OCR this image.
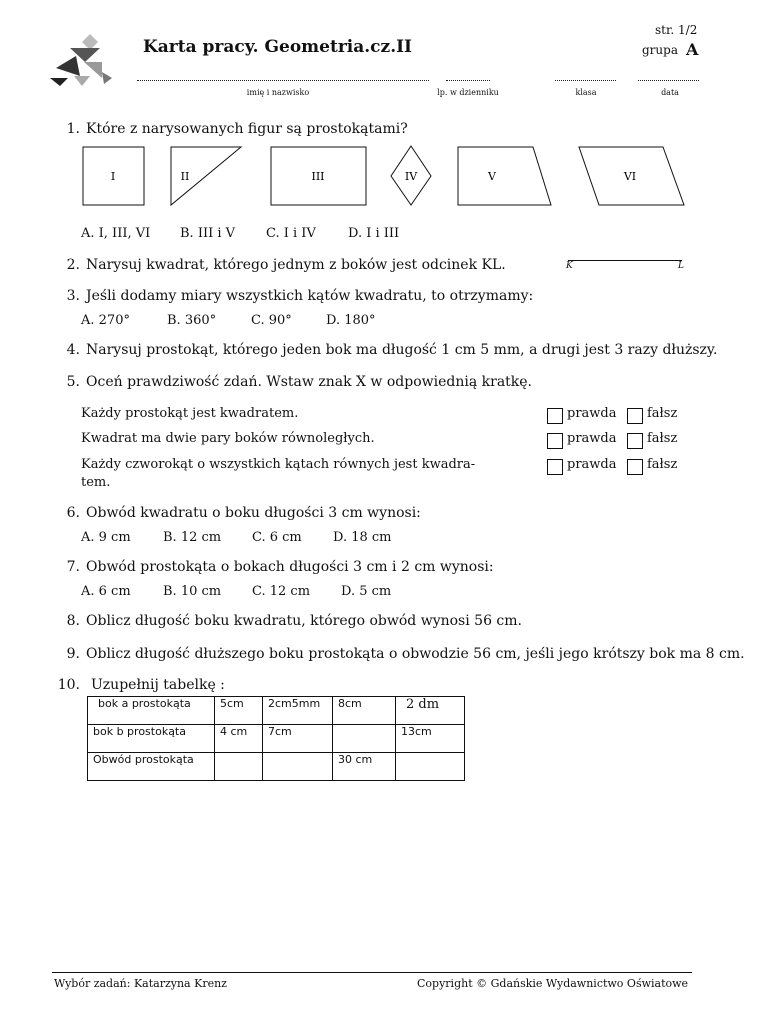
Karta pracy. Geometria.cz.II
str. 1/2
grupa A
imię i nazwisko	lp. w dzienniku	klasa	data
1. Które z narysowanych figur są prostokątami?
I	II	III	IV	V	VI
A. I, III, VI B. III i V C. I i IV D. I i III
2. Narysuj kwadrat, którego jednym z boków jest odcinek KL.	K	L
3. Jeśli dodamy miary wszystkich kątów kwadratu, to otrzymamy:
A. 270°	B. 360°	C. 90°	D. 180°
4. Narysuj prostokąt, którego jeden bok ma długość 1 cm 5 mm, a drugi jest 3 razy dłuższy.
5. Oceń prawdziwość zdań. Wstaw znak X w odpowiednią kratkę.
Każdy prostokąt jest kwadratem.	prawda fałsz
Kwadrat ma dwie pary boków równoległych.	prawda fałsz
Każdy czworokąt o wszystkich kątach równych jest kwadra-
tem.
prawda fałsz
6. Obwód kwadratu o boku długości 3 cm wynosi:
A. 9 cm B. 12 cm C. 6 cm D. 18 cm
7. Obwód prostokąta o bokach długości 3 cm i 2 cm wynosi:
A. 6 cm B. 10 cm C. 12 cm D. 5 cm
8. Oblicz długość boku kwadratu, którego obwód wynosi 56 cm.
9. Oblicz długość dłuższego boku prostokąta o obwodzie 56 cm, jeśli jego krótszy bok ma 8 cm.
10. Uzupełnij tabelkę :
bok a prostokąta	5cm	2cm5mm	8cm	2 dm
bok b prostokąta	4 cm	7cm		13cm
Obwód prostokąta			30 cm	
Wybór zadań: Katarzyna Krenz	Copyright © Gdańskie Wydawnictwo Oświatowe
